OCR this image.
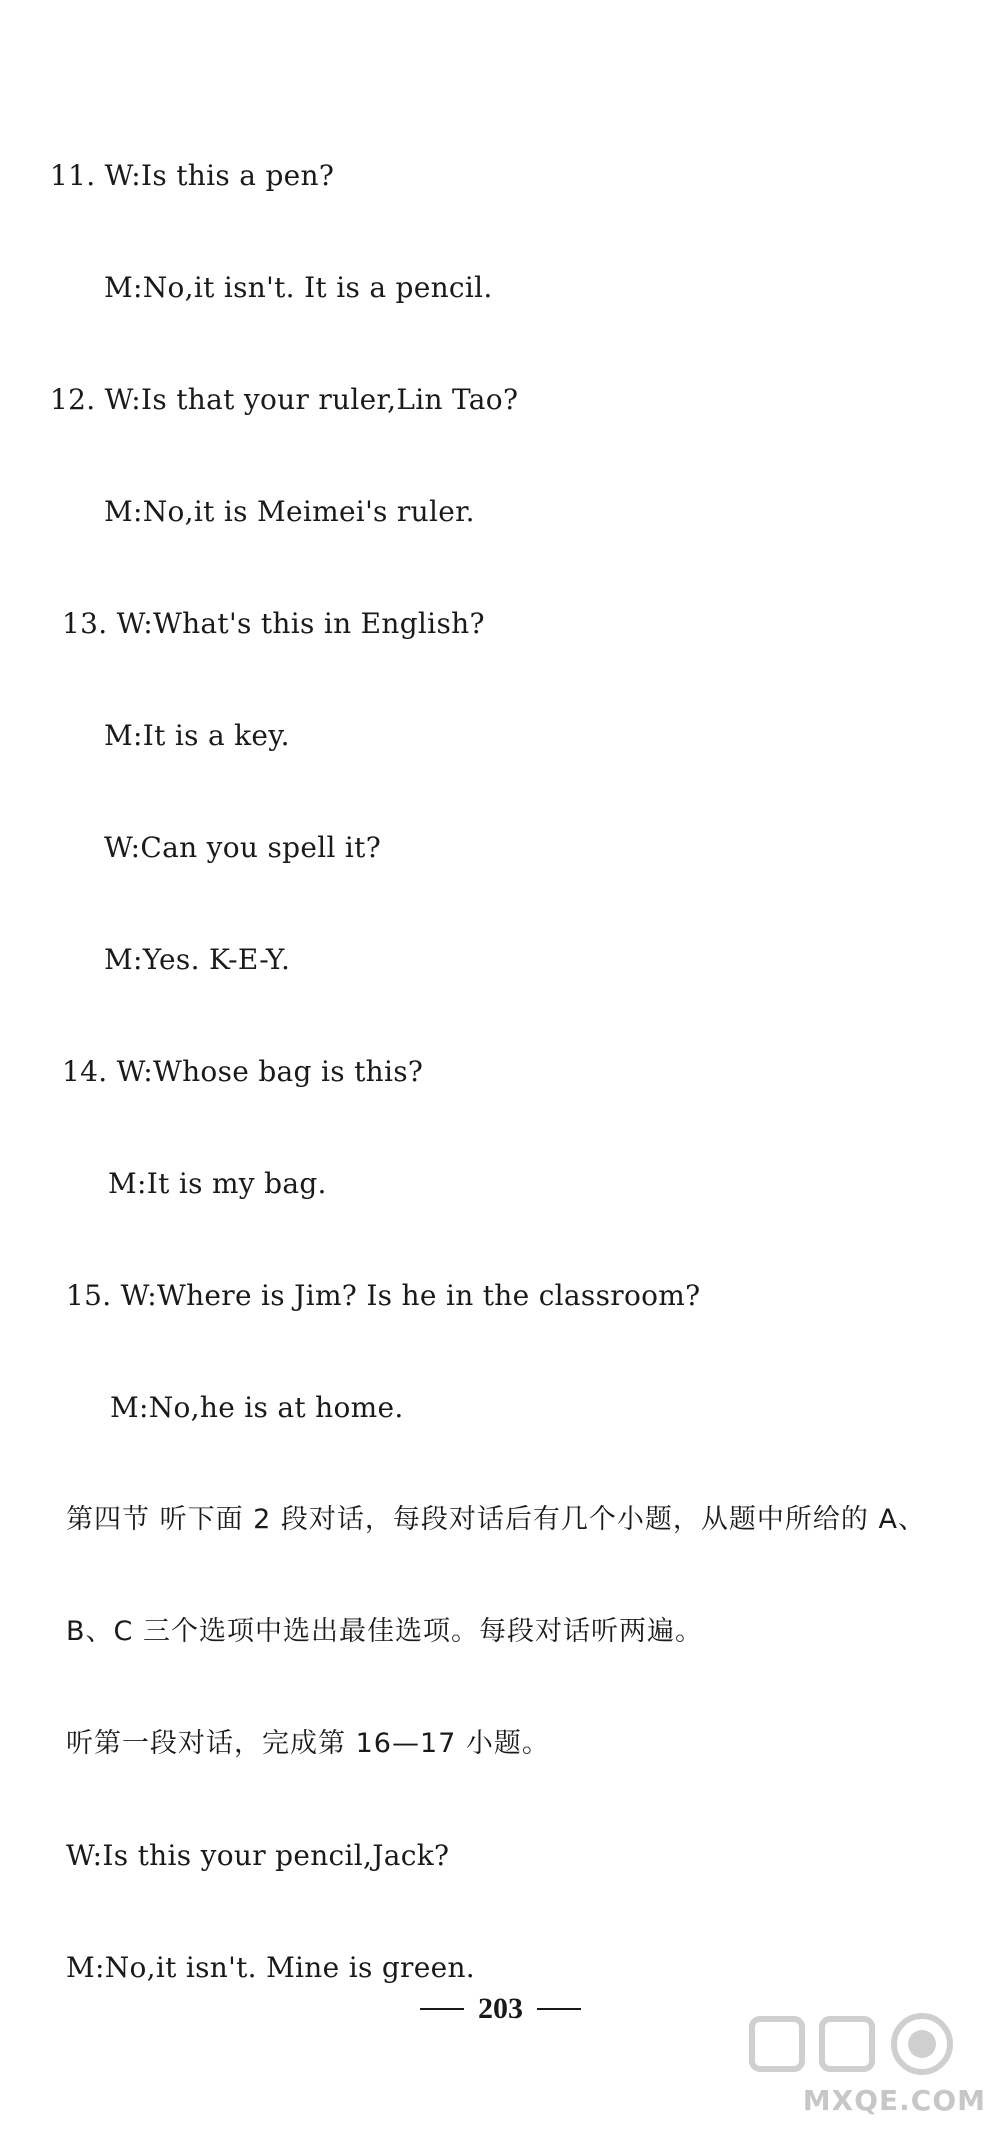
11. W:Is this a pen?
M:No,it isn't. It is a pencil.
12. W:Is that your ruler,Lin Tao?
M:No,it is Meimei's ruler.
13. W:What's this in English?
M:It is a key.
W:Can you spell it?
M:Yes. K-E-Y.
14. W:Whose bag is this?
M:It is my bag.
15. W:Where is Jim? Is he in the classroom?
M:No,he is at home.
第四节 听下面 2 段对话，每段对话后有几个小题，从题中所给的 A、
B、C 三个选项中选出最佳选项。每段对话听两遍。
听第一段对话，完成第 16—17 小题。
W:Is this your pencil,Jack?
M:No,it isn't. Mine is green.
203
MXQE.COM
